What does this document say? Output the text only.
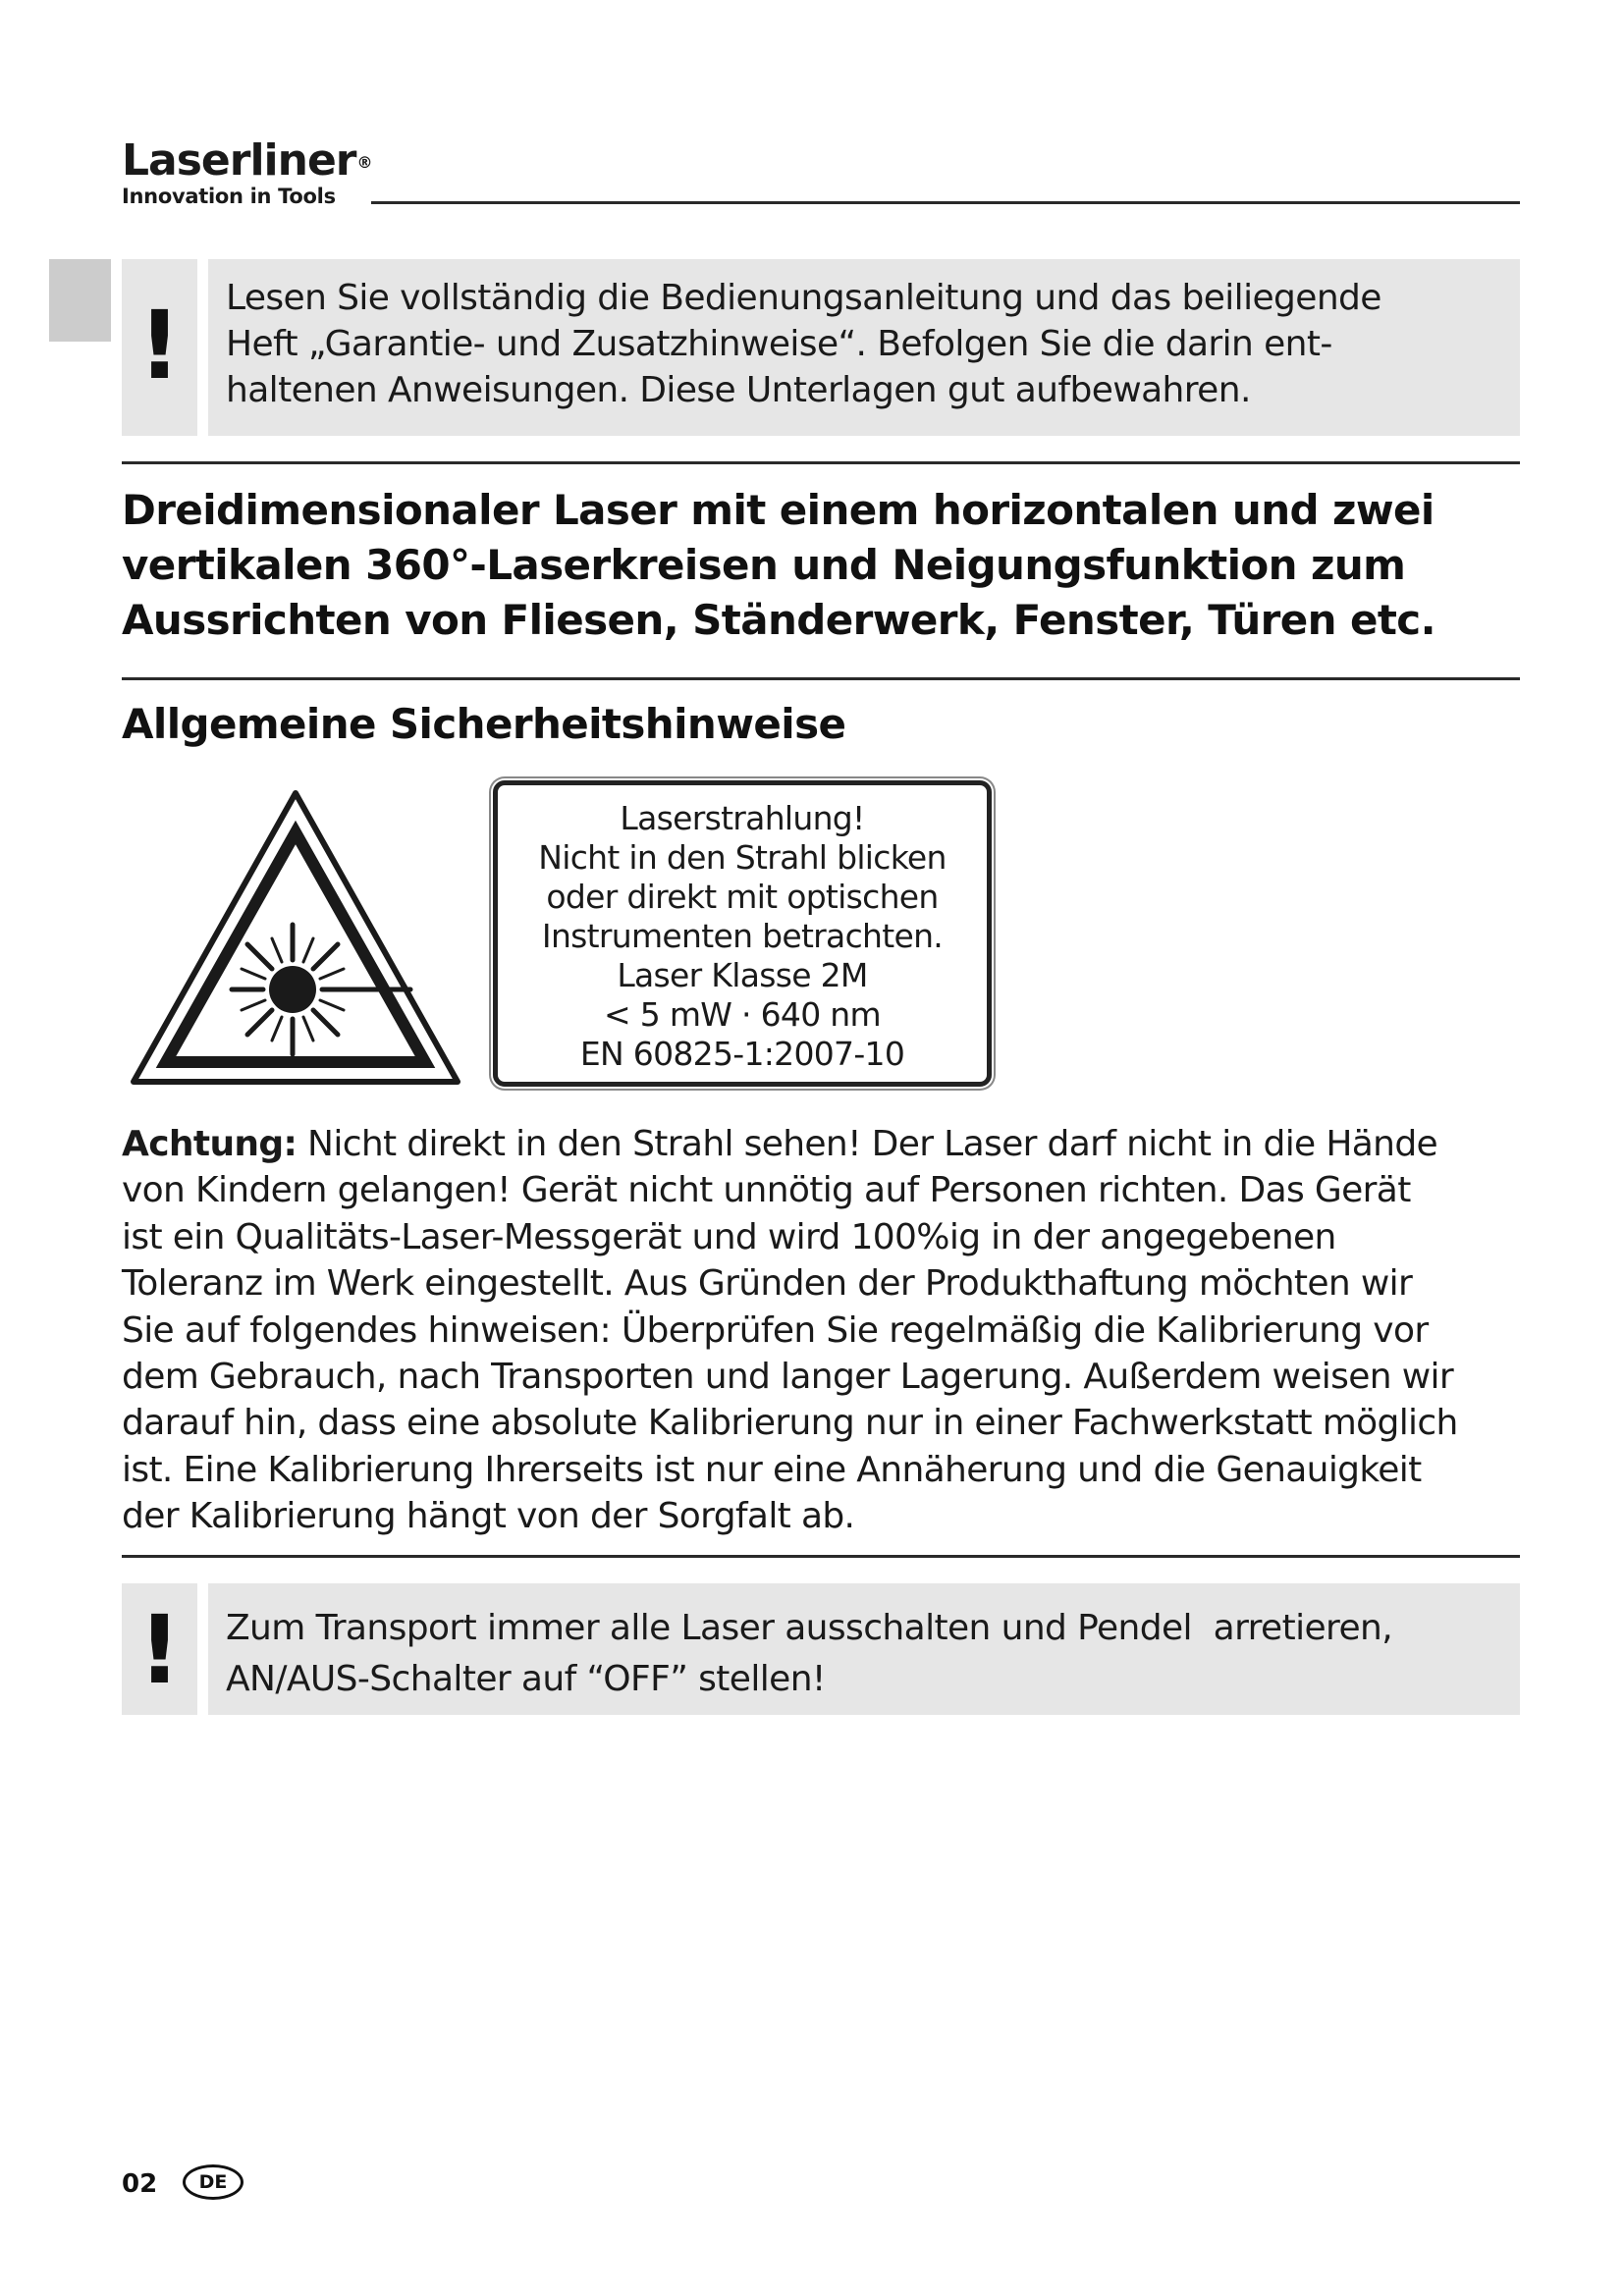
Laserliner®
Innovation in Tools
!	Lesen Sie vollständig die Bedienungsanleitung und das beiliegende
Heft „Garantie- und Zusatzhinweise“. Befolgen Sie die darin ent-
haltenen Anweisungen. Diese Unterlagen gut aufbewahren.
Dreidimensionaler Laser mit einem horizontalen und zwei
vertikalen 360°-Laserkreisen und Neigungsfunktion zum
Aussrichten von Fliesen, Ständerwerk, Fenster, Türen etc.
Allgemeine Sicherheitshinweise
Laserstrahlung!
Nicht in den Strahl blicken
oder direkt mit optischen
Instrumenten betrachten.
Laser Klasse 2M
< 5 mW · 640 nm
EN 60825-1:2007-10

Achtung: Nicht direkt in den Strahl sehen! Der Laser darf nicht in die Hände

von Kindern gelangen! Gerät nicht unnötig auf Personen richten. Das Gerät

ist ein Qualitäts-Laser-Messgerät und wird 100%ig in der angegebenen

Toleranz im Werk eingestellt. Aus Gründen der Produkthaftung möchten wir

Sie auf folgendes hinweisen: Überprüfen Sie regelmäßig die Kalibrierung vor

dem Gebrauch, nach Transporten und langer Lagerung. Außerdem weisen wir

darauf hin, dass eine absolute Kalibrierung nur in einer Fachwerkstatt möglich

ist. Eine Kalibrierung Ihrerseits ist nur eine Annäherung und die Genauigkeit

der Kalibrierung hängt von der Sorgfalt ab.

!	Zum Transport immer alle Laser ausschalten und Pendel  arretieren,
AN/AUS-Schalter auf “OFF” stellen!
02	DE
